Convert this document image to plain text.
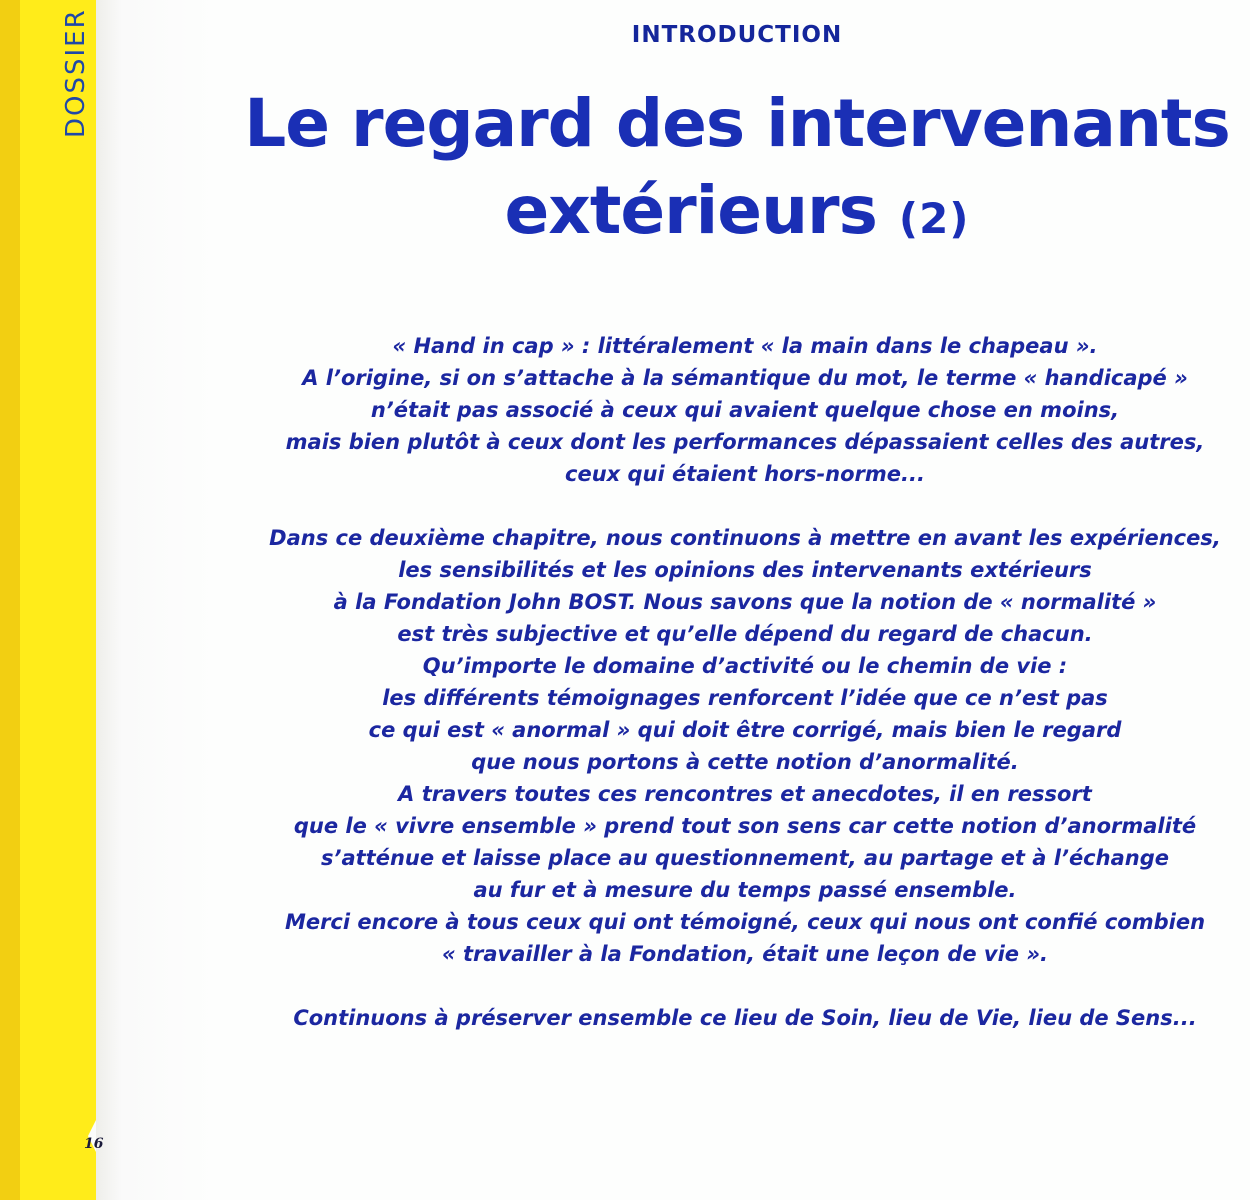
DOSSIER

16

INTRODUCTION
Le regard des intervenants
extérieurs (2)
« Hand in cap » : littéralement « la main dans le chapeau ».
A l’origine, si on s’attache à la sémantique du mot, le terme « handicapé »
n’était pas associé à ceux qui avaient quelque chose en moins,
mais bien plutôt à ceux dont les performances dépassaient celles des autres,
ceux qui étaient hors-norme...
Dans ce deuxième chapitre, nous continuons à mettre en avant les expériences,
les sensibilités et les opinions des intervenants extérieurs
à la Fondation John BOST. Nous savons que la notion de « normalité »
est très subjective et qu’elle dépend du regard de chacun.
Qu’importe le domaine d’activité ou le chemin de vie :
les différents témoignages renforcent l’idée que ce n’est pas
ce qui est « anormal » qui doit être corrigé, mais bien le regard
que nous portons à cette notion d’anormalité.
A travers toutes ces rencontres et anecdotes, il en ressort
que le « vivre ensemble » prend tout son sens car cette notion d’anormalité
s’atténue et laisse place au questionnement, au partage et à l’échange
au fur et à mesure du temps passé ensemble.
Merci encore à tous ceux qui ont témoigné, ceux qui nous ont confié combien
« travailler à la Fondation, était une leçon de vie ».
Continuons à préserver ensemble ce lieu de Soin, lieu de Vie, lieu de Sens...
